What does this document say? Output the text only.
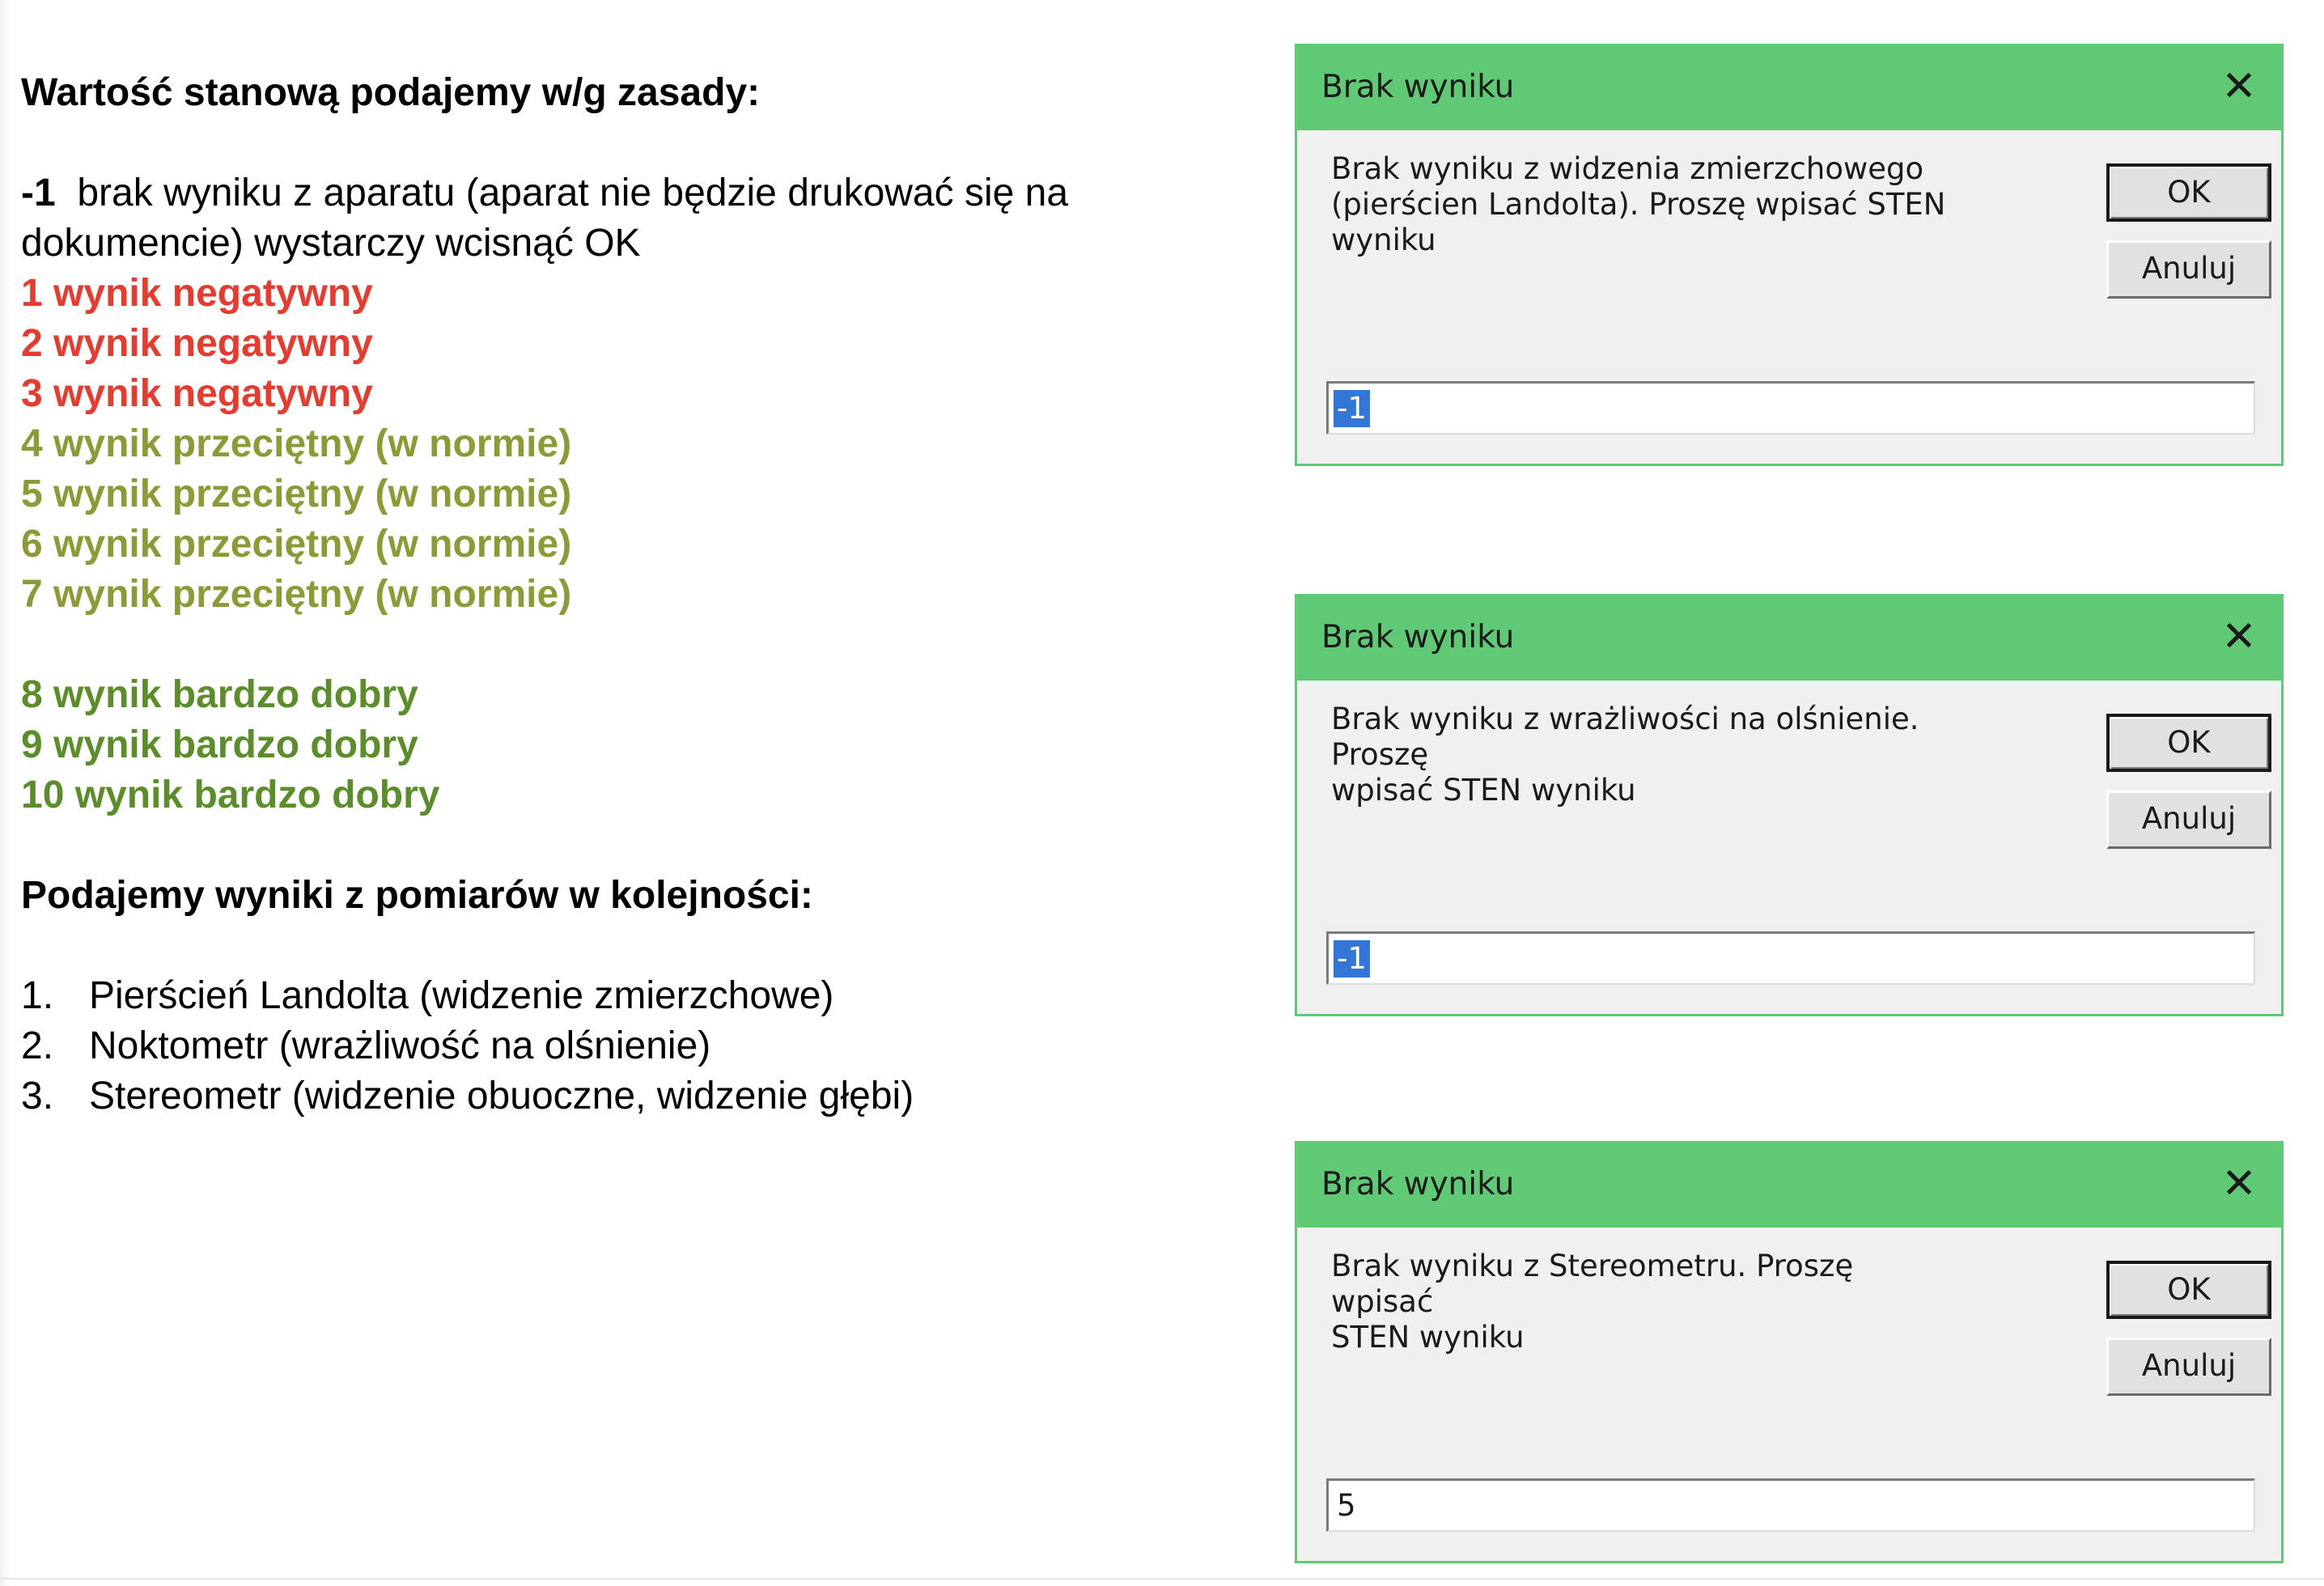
Wartość stanową podajemy w/g zasady:
-1  brak wyniku z aparatu (aparat nie będzie drukować się na
dokumencie) wystarczy wcisnąć OK
1 wynik negatywny
2 wynik negatywny
3 wynik negatywny
4 wynik przeciętny (w normie)
5 wynik przeciętny (w normie)
6 wynik przeciętny (w normie)
7 wynik przeciętny (w normie)
8 wynik bardzo dobry
9 wynik bardzo dobry
10 wynik bardzo dobry
Podajemy wyniki z pomiarów w kolejności:
1. Pierścień Landolta (widzenie zmierzchowe)
2. Noktometr (wrażliwość na olśnienie)
3. Stereometr (widzenie obuoczne, widzenie głębi)
Brak wyniku	✕
Brak wyniku z widzenia zmierzchowego
(pierścien Landolta). Proszę wpisać STEN
wyniku
OK
Anuluj
-1
Brak wyniku	✕
Brak wyniku z wrażliwości na olśnienie. Proszę
wpisać STEN wyniku
OK
Anuluj
-1
Brak wyniku	✕
Brak wyniku z Stereometru. Proszę wpisać
STEN wyniku
OK
Anuluj
5
